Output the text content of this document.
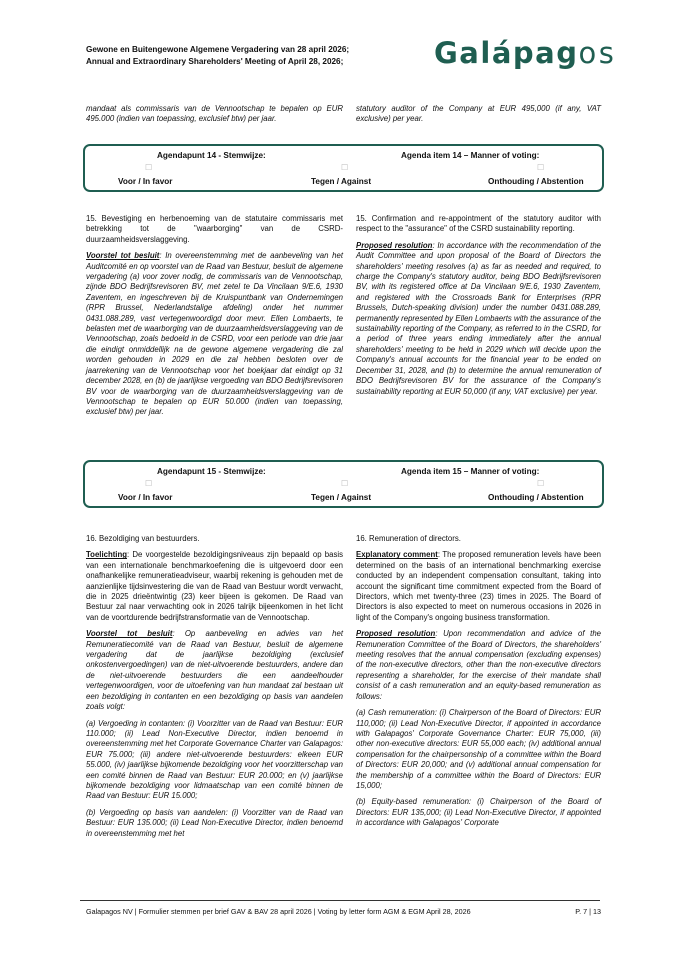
Gewone en Buitengewone Algemene Vergadering van 28 april 2026;
Annual and Extraordinary Shareholders' Meeting of April 28, 2026;	Galápagos

mandaat als commissaris van de Vennootschap te bepalen op EUR 495.000 (indien van toepassing, exclusief btw) per jaar.

statutory auditor of the Company at EUR 495,000 (if any, VAT exclusive) per year.

Agendapunt 14 - Stemwijze:	Agenda item 14 – Manner of voting:
☐	☐	☐
Voor / In favor	Tegen / Against	Onthouding / Abstention

15. Bevestiging en herbenoeming van de statutaire commissaris met betrekking tot de "waarborging" van de CSRD-duurzaamheidsverslaggeving.

Voorstel tot besluit: In overeenstemming met de aanbeveling van het Auditcomité en op voorstel van de Raad van Bestuur, besluit de algemene vergadering (a) voor zover nodig, de commissaris van de Vennootschap, zijnde BDO Bedrijfsrevisoren BV, met zetel te Da Vincilaan 9/E.6, 1930 Zaventem, en ingeschreven bij de Kruispuntbank van Ondernemingen (RPR Brussel, Nederlandstalige afdeling) onder het nummer 0431.088.289, vast vertegenwoordigd door mevr. Ellen Lombaerts, te belasten met de waarborging van de duurzaamheidsverslaggeving van de Vennootschap, zoals bedoeld in de CSRD, voor een periode van drie jaar die eindigt onmiddellijk na de gewone algemene vergadering die zal worden gehouden in 2029 en die zal hebben besloten over de jaarrekening van de Vennootschap voor het boekjaar dat eindigt op 31 december 2028, en (b) de jaarlijkse vergoeding van BDO Bedrijfsrevisoren BV voor de waarborging van de duurzaamheidsverslaggeving van de Vennootschap te bepalen op EUR 50.000 (indien van toepassing, exclusief btw) per jaar.

15. Confirmation and re-appointment of the statutory auditor with respect to the "assurance" of the CSRD sustainability reporting.

Proposed resolution: In accordance with the recommendation of the Audit Committee and upon proposal of the Board of Directors the shareholders' meeting resolves (a) as far as needed and required, to charge the Company's statutory auditor, being BDO Bedrijfsrevisoren BV, with its registered office at Da Vincilaan 9/E.6, 1930 Zaventem, and registered with the Crossroads Bank for Enterprises (RPR Brussels, Dutch-speaking division) under the number 0431.088.289, permanently represented by Ellen Lombaerts with the assurance of the sustainability reporting of the Company, as referred to in the CSRD, for a period of three years ending immediately after the annual shareholders' meeting to be held in 2029 which will decide upon the Company's annual accounts for the financial year to be ended on December 31, 2028, and (b) to determine the annual remuneration of BDO Bedrijfsrevisoren BV for the assurance of the Company's sustainability reporting at EUR 50,000 (if any, VAT exclusive) per year.

Agendapunt 15 - Stemwijze:	Agenda item 15 – Manner of voting:
☐	☐	☐
Voor / In favor	Tegen / Against	Onthouding / Abstention

16. Bezoldiging van bestuurders.

Toelichting: De voorgestelde bezoldigingsniveaus zijn bepaald op basis van een internationale benchmarkoefening die is uitgevoerd door een onafhankelijke remuneratieadviseur, waarbij rekening is gehouden met de aanzienlijke tijdsinvestering die van de Raad van Bestuur wordt verwacht, die in 2025 drieëntwintig (23) keer bijeen is gekomen. De Raad van Bestuur zal naar verwachting ook in 2026 talrijk bijeenkomen in het licht van de voortdurende bedrijfstransformatie van de Vennootschap.

Voorstel tot besluit: Op aanbeveling en advies van het Remuneratiecomité van de Raad van Bestuur, besluit de algemene vergadering dat de jaarlijkse bezoldiging (exclusief onkostenvergoedingen) van de niet-uitvoerende bestuurders, andere dan de niet-uitvoerende bestuurders die een aandeelhouder vertegenwoordigen, voor de uitoefening van hun mandaat zal bestaan uit een bezoldiging in contanten en een bezoldiging op basis van aandelen zoals volgt:

(a) Vergoeding in contanten: (i) Voorzitter van de Raad van Bestuur: EUR 110.000; (ii) Lead Non-Executive Director, indien benoemd in overeenstemming met het Corporate Governance Charter van Galapagos: EUR 75.000; (iii) andere niet-uitvoerende bestuurders: elkeen EUR 55.000, (iv) jaarlijkse bijkomende bezoldiging voor het voorzitterschap van een comité binnen de Raad van Bestuur: EUR 20.000; en (v) jaarlijkse bijkomende bezoldiging voor lidmaatschap van een comité binnen de Raad van Bestuur: EUR 15.000;

(b) Vergoeding op basis van aandelen: (i) Voorzitter van de Raad van Bestuur: EUR 135.000; (ii) Lead Non-Executive Director, indien benoemd in overeenstemming met het

16. Remuneration of directors.

Explanatory comment: The proposed remuneration levels have been determined on the basis of an international benchmarking exercise conducted by an independent compensation consultant, taking into account the significant time commitment expected from the Board of Directors, which met twenty-three (23) times in 2025. The Board of Directors is also expected to meet on numerous occasions in 2026 in light of the Company's ongoing business transformation.

Proposed resolution: Upon recommendation and advice of the Remuneration Committee of the Board of Directors, the shareholders' meeting resolves that the annual compensation (excluding expenses) of the non-executive directors, other than the non-executive directors representing a shareholder, for the exercise of their mandate shall consist of a cash remuneration and an equity-based remuneration as follows:

(a) Cash remuneration: (i) Chairperson of the Board of Directors: EUR 110,000; (ii) Lead Non-Executive Director, if appointed in accordance with Galapagos' Corporate Governance Charter: EUR 75,000, (iii) other non-executive directors: EUR 55,000 each; (iv) additional annual compensation for the chairpersonship of a committee within the Board of Directors: EUR 20,000; and (v) additional annual compensation for the membership of a committee within the Board of Directors: EUR 15,000;

(b) Equity-based remuneration: (i) Chairperson of the Board of Directors: EUR 135,000; (ii) Lead Non-Executive Director, if appointed in accordance with Galapagos' Corporate

Galapagos NV | Formulier stemmen per brief GAV & BAV 28 april 2026 | Voting by letter form AGM & EGM April 28, 2026	P. 7 | 13
